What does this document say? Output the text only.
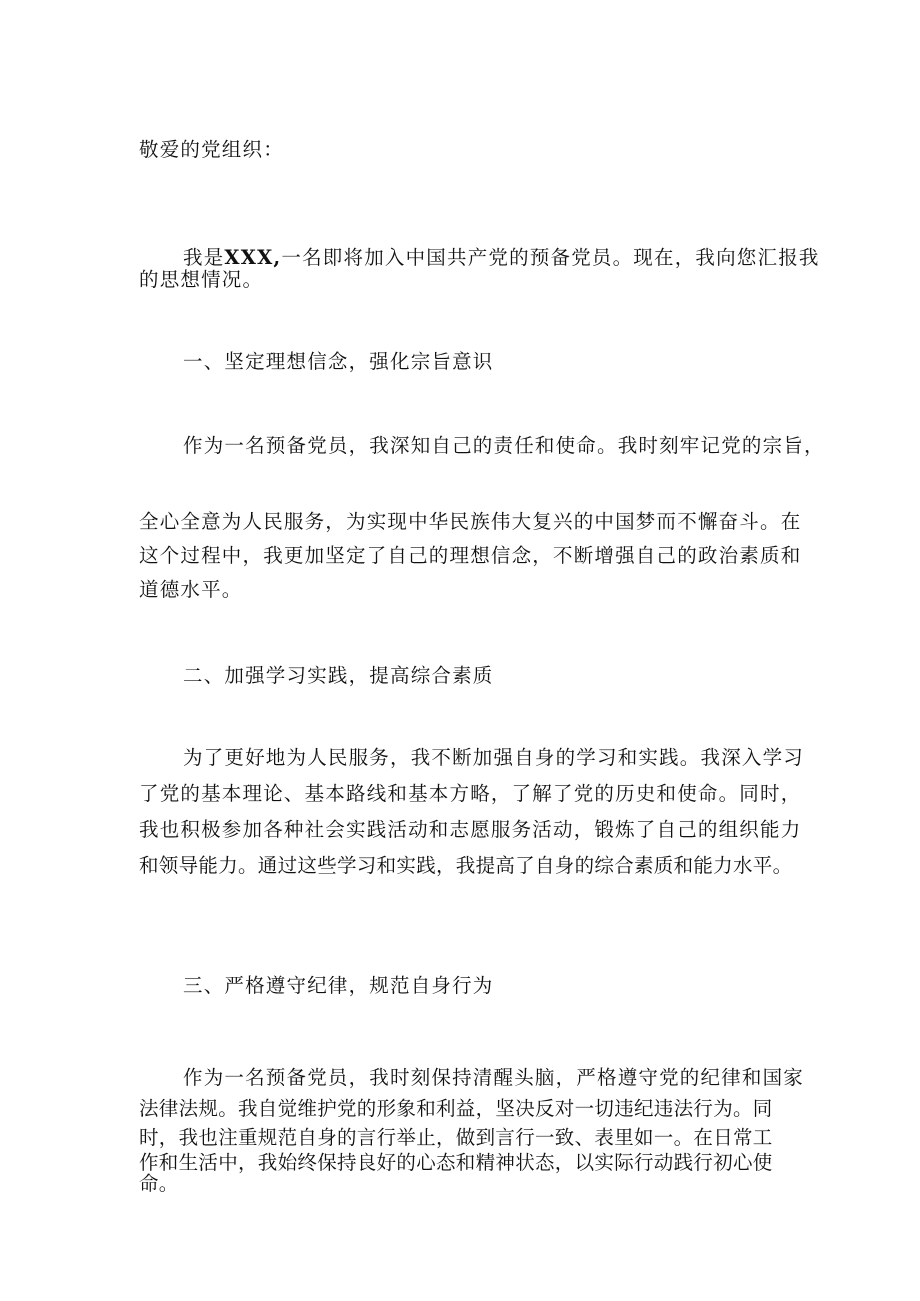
敬爱的党组织：
我是XXX,一名即将加入中国共产党的预备党员。现在，我向您汇报我
的思想情况。
一、坚定理想信念，强化宗旨意识
作为一名预备党员，我深知自己的责任和使命。我时刻牢记党的宗旨，
全心全意为人民服务，为实现中华民族伟大复兴的中国梦而不懈奋斗。在
这个过程中，我更加坚定了自己的理想信念，不断增强自己的政治素质和
道德水平。
二、加强学习实践，提高综合素质
为了更好地为人民服务，我不断加强自身的学习和实践。我深入学习
了党的基本理论、基本路线和基本方略，了解了党的历史和使命。同时，
我也积极参加各种社会实践活动和志愿服务活动，锻炼了自己的组织能力
和领导能力。通过这些学习和实践，我提高了自身的综合素质和能力水平。
三、严格遵守纪律，规范自身行为
作为一名预备党员，我时刻保持清醒头脑，严格遵守党的纪律和国家
法律法规。我自觉维护党的形象和利益，坚决反对一切违纪违法行为。同
时，我也注重规范自身的言行举止，做到言行一致、表里如一。在日常工
作和生活中，我始终保持良好的心态和精神状态，以实际行动践行初心使
命。
